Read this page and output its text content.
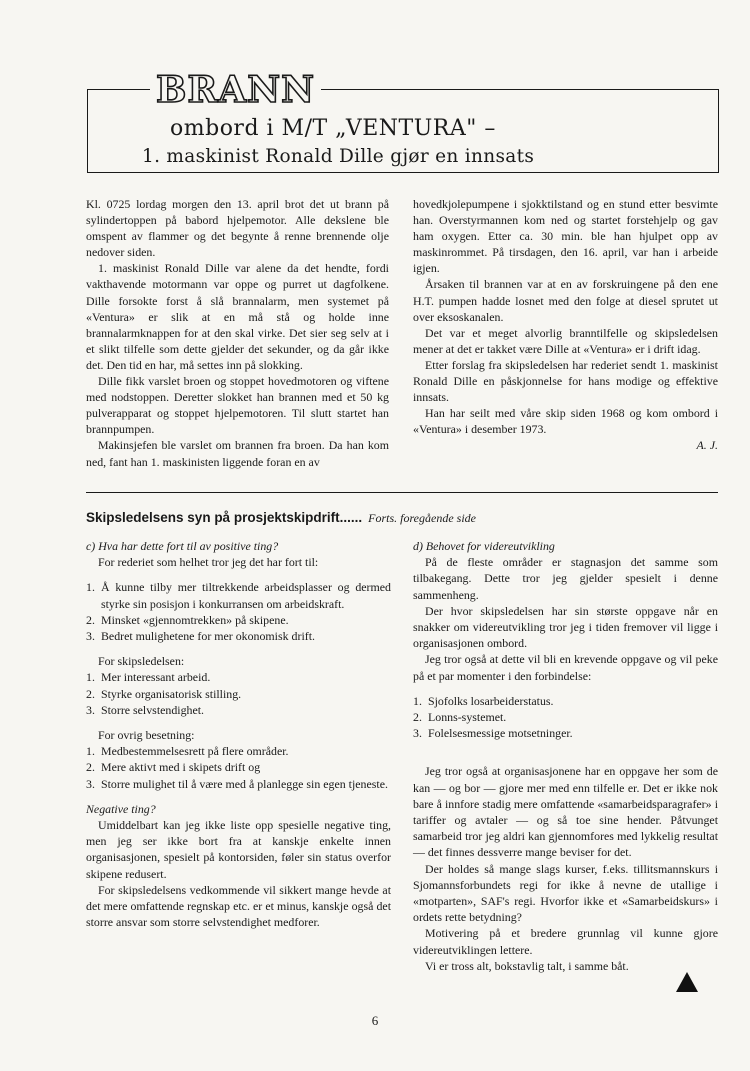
BRANN
ombord i M/T „VENTURA" –
1. maskinist Ronald Dille gjør en innsats

Kl. 0725 lordag morgen den 13. april brot det ut brann på sylindertoppen på babord hjelpemotor. Alle dekslene ble omspent av flammer og det begynte å renne brennende olje nedover siden.

1. maskinist Ronald Dille var alene da det hendte, fordi vakthavende motormann var oppe og purret ut dagfolkene. Dille forsokte forst å slå brannalarm, men systemet på «Ventura» er slik at en må stå og holde inne brannalarmknappen for at den skal virke. Det sier seg selv at i et slikt tilfelle som dette gjelder det sekunder, og da går ikke det. Den tid en har, må settes inn på slokking.

Dille fikk varslet broen og stoppet hovedmotoren og viftene med nodstoppen. Deretter slokket han brannen med et 50 kg pulverapparat og stoppet hjelpemotoren. Til slutt startet han brannpumpen.

Makinsjefen ble varslet om brannen fra broen. Da han kom ned, fant han 1. maskinisten liggende foran en av

hovedkjolepumpene i sjokktilstand og en stund etter besvimte han. Overstyrmannen kom ned og startet forstehjelp og gav ham oxygen. Etter ca. 30 min. ble han hjulpet opp av maskinrommet. På tirsdagen, den 16. april, var han i arbeide igjen.

Årsaken til brannen var at en av forskruingene på den ene H.T. pumpen hadde losnet med den folge at diesel sprutet ut over eksoskanalen.

Det var et meget alvorlig branntilfelle og skipsledelsen mener at det er takket være Dille at «Ventura» er i drift idag.

Etter forslag fra skipsledelsen har rederiet sendt 1. maskinist Ronald Dille en påskjonnelse for hans modige og effektive innsats.

Han har seilt med våre skip siden 1968 og kom ombord i «Ventura» i desember 1973.

A. J.

Skipsledelsens syn på prosjektskipdrift...... Forts. foregående side

c) Hva har dette fort til av positive ting?

For rederiet som helhet tror jeg det har fort til:

1. Å kunne tilby mer tiltrekkende arbeidsplasser og dermed styrke sin posisjon i konkurransen om arbeidskraft.
2. Minsket «gjennomtrekken» på skipene.
3. Bedret mulighetene for mer okonomisk drift.

For skipsledelsen:

1. Mer interessant arbeid.
2. Styrke organisatorisk stilling.
3. Storre selvstendighet.

For ovrig besetning:

1. Medbestemmelsesrett på flere områder.
2. Mere aktivt med i skipets drift og
3. Storre mulighet til å være med å planlegge sin egen tjeneste.

Negative ting?

Umiddelbart kan jeg ikke liste opp spesielle negative ting, men jeg ser ikke bort fra at kanskje enkelte innen organisasjonen, spesielt på kontorsiden, føler sin status overfor skipene redusert.

For skipsledelsens vedkommende vil sikkert mange hevde at det mere omfattende regnskap etc. er et minus, kanskje også det storre ansvar som storre selvstendighet medforer.

d) Behovet for videreutvikling

På de fleste områder er stagnasjon det samme som tilbakegang. Dette tror jeg gjelder spesielt i denne sammenheng.

Der hvor skipsledelsen har sin største oppgave når en snakker om videreutvikling tror jeg i tiden fremover vil ligge i organisasjonen ombord.

Jeg tror også at dette vil bli en krevende oppgave og vil peke på et par momenter i den forbindelse:

1. Sjofolks losarbeiderstatus.
2. Lonns-systemet.
3. Folelsesmessige motsetninger.

Jeg tror også at organisasjonene har en oppgave her som de kan — og bor — gjore mer med enn tilfelle er. Det er ikke nok bare å innfore stadig mere omfattende «samarbeidsparagrafer» i tariffer og avtaler — og så toe sine hender. Påtvunget samarbeid tror jeg aldri kan gjennomfores med lykkelig resultat — det finnes dessverre mange beviser for det.

Der holdes så mange slags kurser, f.eks. tillitsmannskurs i Sjomannsforbundets regi for ikke å nevne de utallige i «motparten», SAF's regi. Hvorfor ikke et «Samarbeidskurs» i ordets rette betydning?

Motivering på et bredere grunnlag vil kunne gjore videreutviklingen lettere.

Vi er tross alt, bokstavlig talt, i samme båt.

6
